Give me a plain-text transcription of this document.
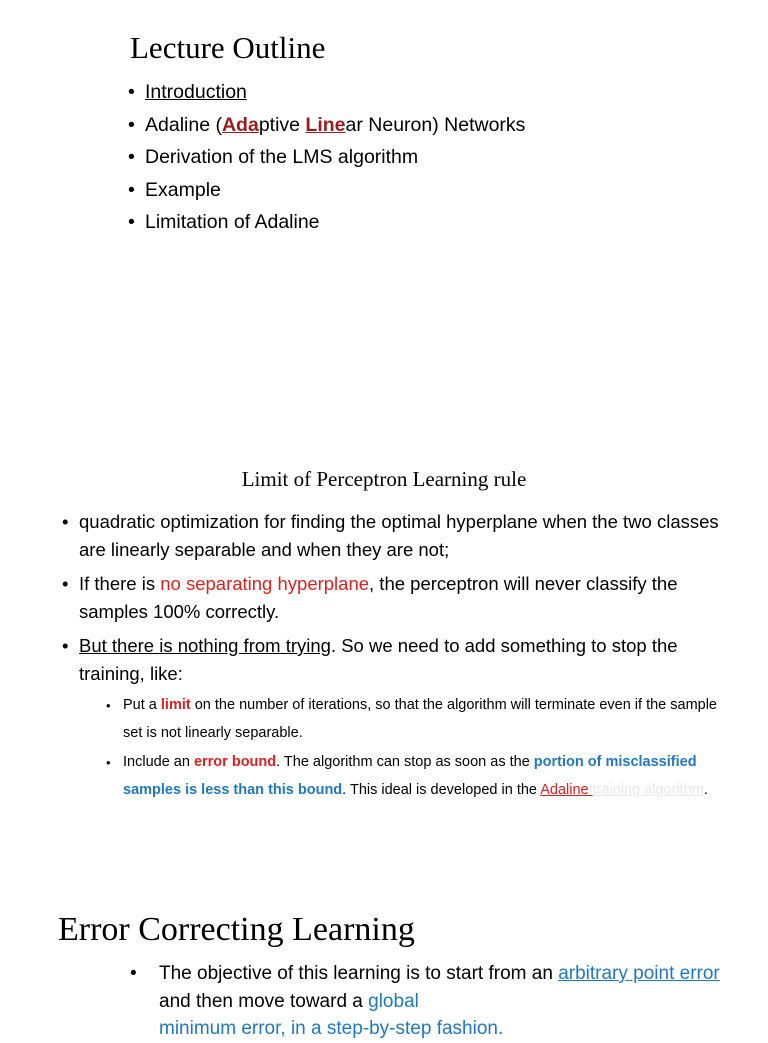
Lecture Outline
• Introduction
• Adaline (Adaptive Linear Neuron) Networks
• Derivation of the LMS algorithm
• Example
• Limitation of Adaline
Limit of Perceptron Learning rule
• quadratic optimization for finding the optimal hyperplane when the two classes are linearly separable and when they are not;
• If there is no separating hyperplane, the perceptron will never classify the samples 100% correctly.
• But there is nothing from trying. So we need to add something to stop the training, like:
• Put a limit on the number of iterations, so that the algorithm will terminate even if the sample set is not linearly separable.
• Include an error bound. The algorithm can stop as soon as the portion of misclassified samples is less than this bound. This ideal is developed in the Adaline training algorithm.
Error Correcting Learning
• The objective of this learning is to start from an arbitrary point error and then move toward a global
minimum error, in a step-by-step fashion.
